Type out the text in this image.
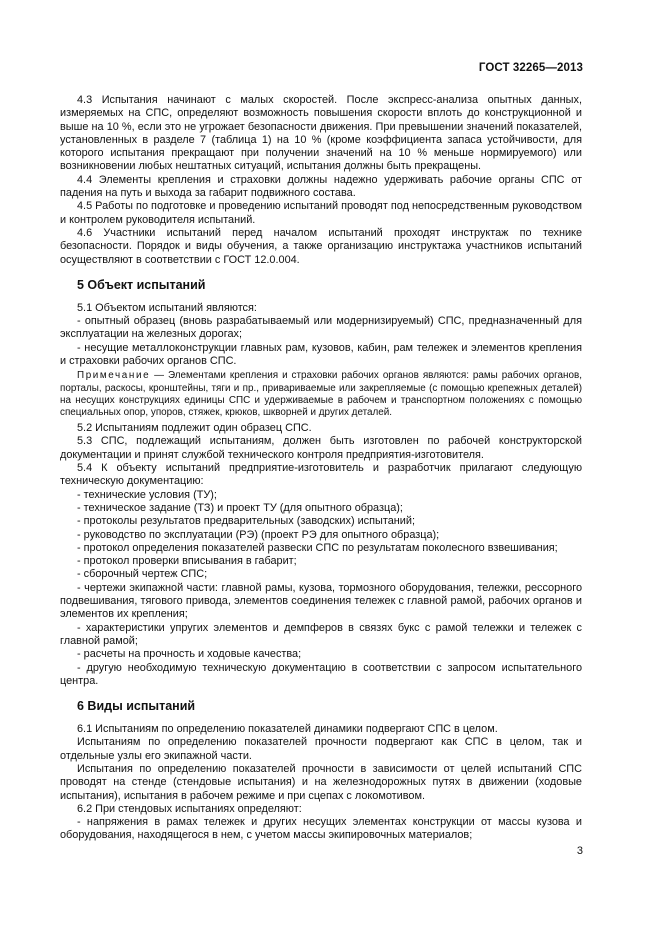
ГОСТ 32265—2013

4.3 Испытания начинают с малых скоростей. После экспресс-анализа опытных данных, измеряемых на СПС, определяют возможность повышения скорости вплоть до конструкционной и выше на 10 %, если это не угрожает безопасности движения. При превышении значений показателей, установленных в разделе 7 (таблица 1) на 10 % (кроме коэффициента запаса устойчивости, для которого испытания прекращают при получении значений на 10 % меньше нормируемого) или возникновении любых нештатных ситуаций, испытания должны быть прекращены.

4.4 Элементы крепления и страховки должны надежно удерживать рабочие органы СПС от падения на путь и выхода за габарит подвижного состава.

4.5 Работы по подготовке и проведению испытаний проводят под непосредственным руководством и контролем руководителя испытаний.

4.6 Участники испытаний перед началом испытаний проходят инструктаж по технике безопасности. Порядок и виды обучения, а также организацию инструктажа участников испытаний осуществляют в соответствии с ГОСТ 12.0.004.

5 Объект испытаний

5.1 Объектом испытаний являются:

- опытный образец (вновь разрабатываемый или модернизируемый) СПС, предназначенный для эксплуатации на железных дорогах;

- несущие металлоконструкции главных рам, кузовов, кабин, рам тележек и элементов крепления и страховки рабочих органов СПС.

Примечание — Элементами крепления и страховки рабочих органов являются: рамы рабочих органов, порталы, раскосы, кронштейны, тяги и пр., привариваемые или закрепляемые (с помощью крепежных деталей) на несущих конструкциях единицы СПС и удерживаемые в рабочем и транспортном положениях с помощью специальных опор, упоров, стяжек, крюков, шкворней и других деталей.

5.2 Испытаниям подлежит один образец СПС.

5.3 СПС, подлежащий испытаниям, должен быть изготовлен по рабочей конструкторской документации и принят службой технического контроля предприятия-изготовителя.

5.4 К объекту испытаний предприятие-изготовитель и разработчик прилагают следующую техническую документацию:

- технические условия (ТУ);

- техническое задание (ТЗ) и проект ТУ (для опытного образца);

- протоколы результатов предварительных (заводских) испытаний;

- руководство по эксплуатации (РЭ) (проект РЭ для опытного образца);

- протокол определения показателей развески СПС по результатам поколесного взвешивания;

- протокол проверки вписывания в габарит;

- сборочный чертеж СПС;

- чертежи экипажной части: главной рамы, кузова, тормозного оборудования, тележки, рессорного подвешивания, тягового привода, элементов соединения тележек с главной рамой, рабочих органов и элементов их крепления;

- характеристики упругих элементов и демпферов в связях букс с рамой тележки и тележек с главной рамой;

- расчеты на прочность и ходовые качества;

- другую необходимую техническую документацию в соответствии с запросом испытательного центра.

6 Виды испытаний

6.1 Испытаниям по определению показателей динамики подвергают СПС в целом.

Испытаниям по определению показателей прочности подвергают как СПС в целом, так и отдельные узлы его экипажной части.

Испытания по определению показателей прочности в зависимости от целей испытаний СПС проводят на стенде (стендовые испытания) и на железнодорожных путях в движении (ходовые испытания), испытания в рабочем режиме и при сцепах с локомотивом.

6.2 При стендовых испытаниях определяют:

- напряжения в рамах тележек и других несущих элементах конструкции от массы кузова и оборудования, находящегося в нем, с учетом массы экипировочных материалов;

3
